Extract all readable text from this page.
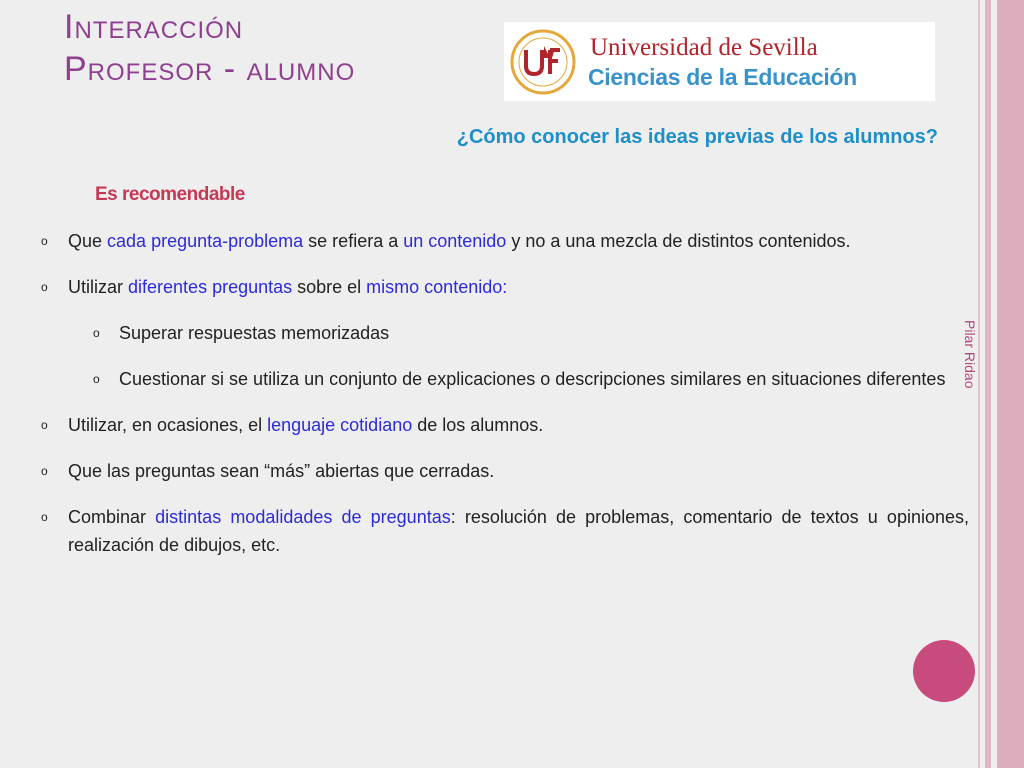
Interacción
Profesor - alumno
Universidad de Sevilla
Ciencias de la Educación
¿Cómo conocer las ideas previas de los alumnos?
Es recomendable
o Que cada pregunta-problema se refiera a un contenido y no a una mezcla de distintos contenidos.
o Utilizar diferentes preguntas sobre el mismo contenido:
o Superar respuestas memorizadas
o Cuestionar si se utiliza un conjunto de explicaciones o descripciones similares en situaciones diferentes
o Utilizar, en ocasiones, el lenguaje cotidiano de los alumnos.
o Que las preguntas sean “más” abiertas que cerradas.
o Combinar distintas modalidades de preguntas: resolución de problemas, comentario de textos u opiniones, realización de dibujos, etc.
Pilar Ridao
